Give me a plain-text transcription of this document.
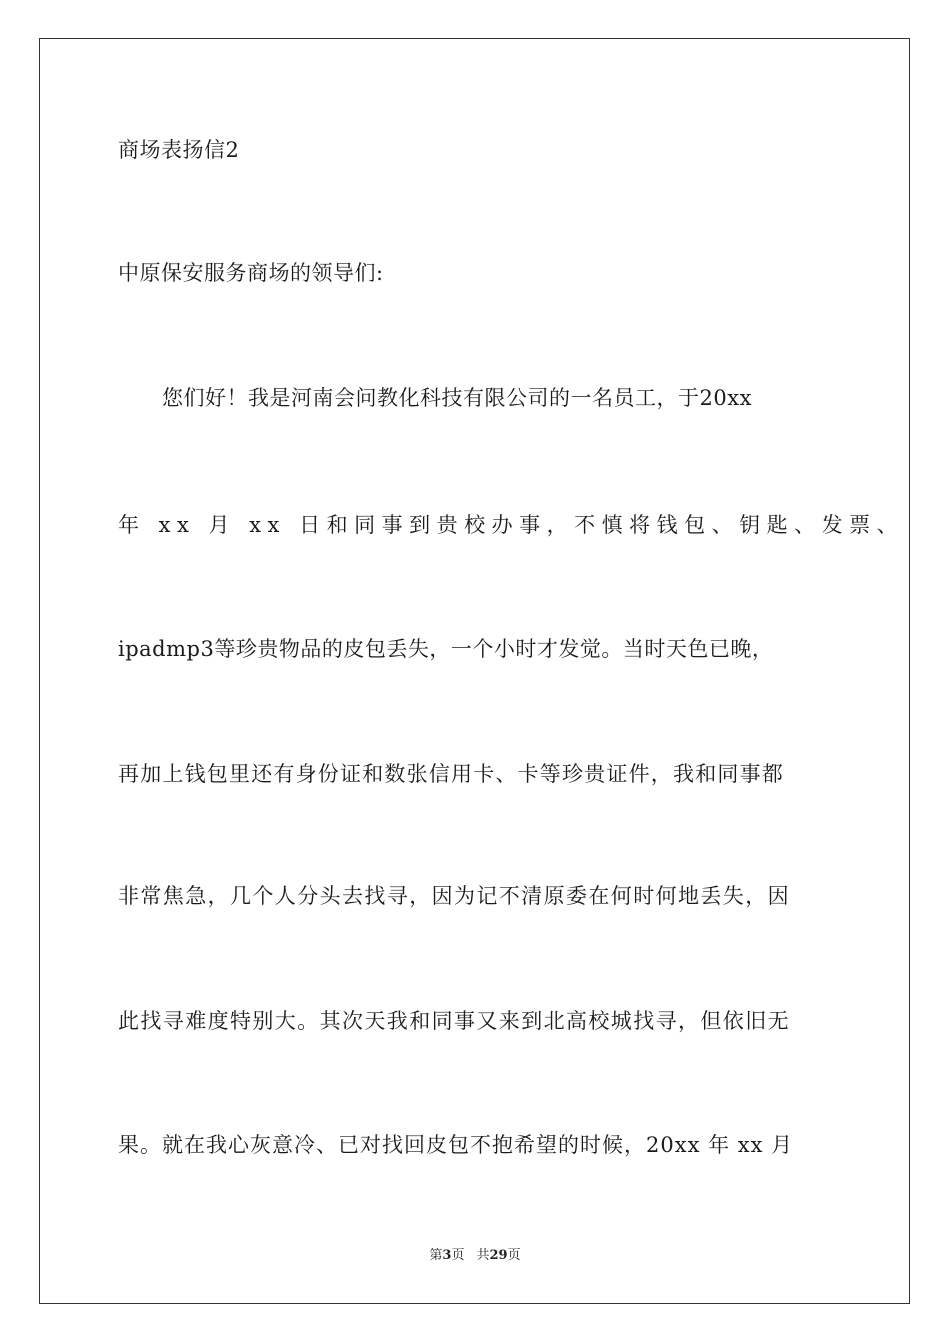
商场表扬信2
中原保安服务商场的领导们:
您们好！我是河南会问教化科技有限公司的一名员工，于20xx
年 xx 月 xx 日和同事到贵校办事，不慎将钱包、钥匙、发票、
ipadmp3等珍贵物品的皮包丢失，一个小时才发觉。当时天色已晚，
再加上钱包里还有身份证和数张信用卡、卡等珍贵证件，我和同事都
非常焦急，几个人分头去找寻，因为记不清原委在何时何地丢失，因
此找寻难度特别大。其次天我和同事又来到北高校城找寻，但依旧无
果。就在我心灰意冷、已对找回皮包不抱希望的时候，20xx 年 xx 月
第3页 共29页
